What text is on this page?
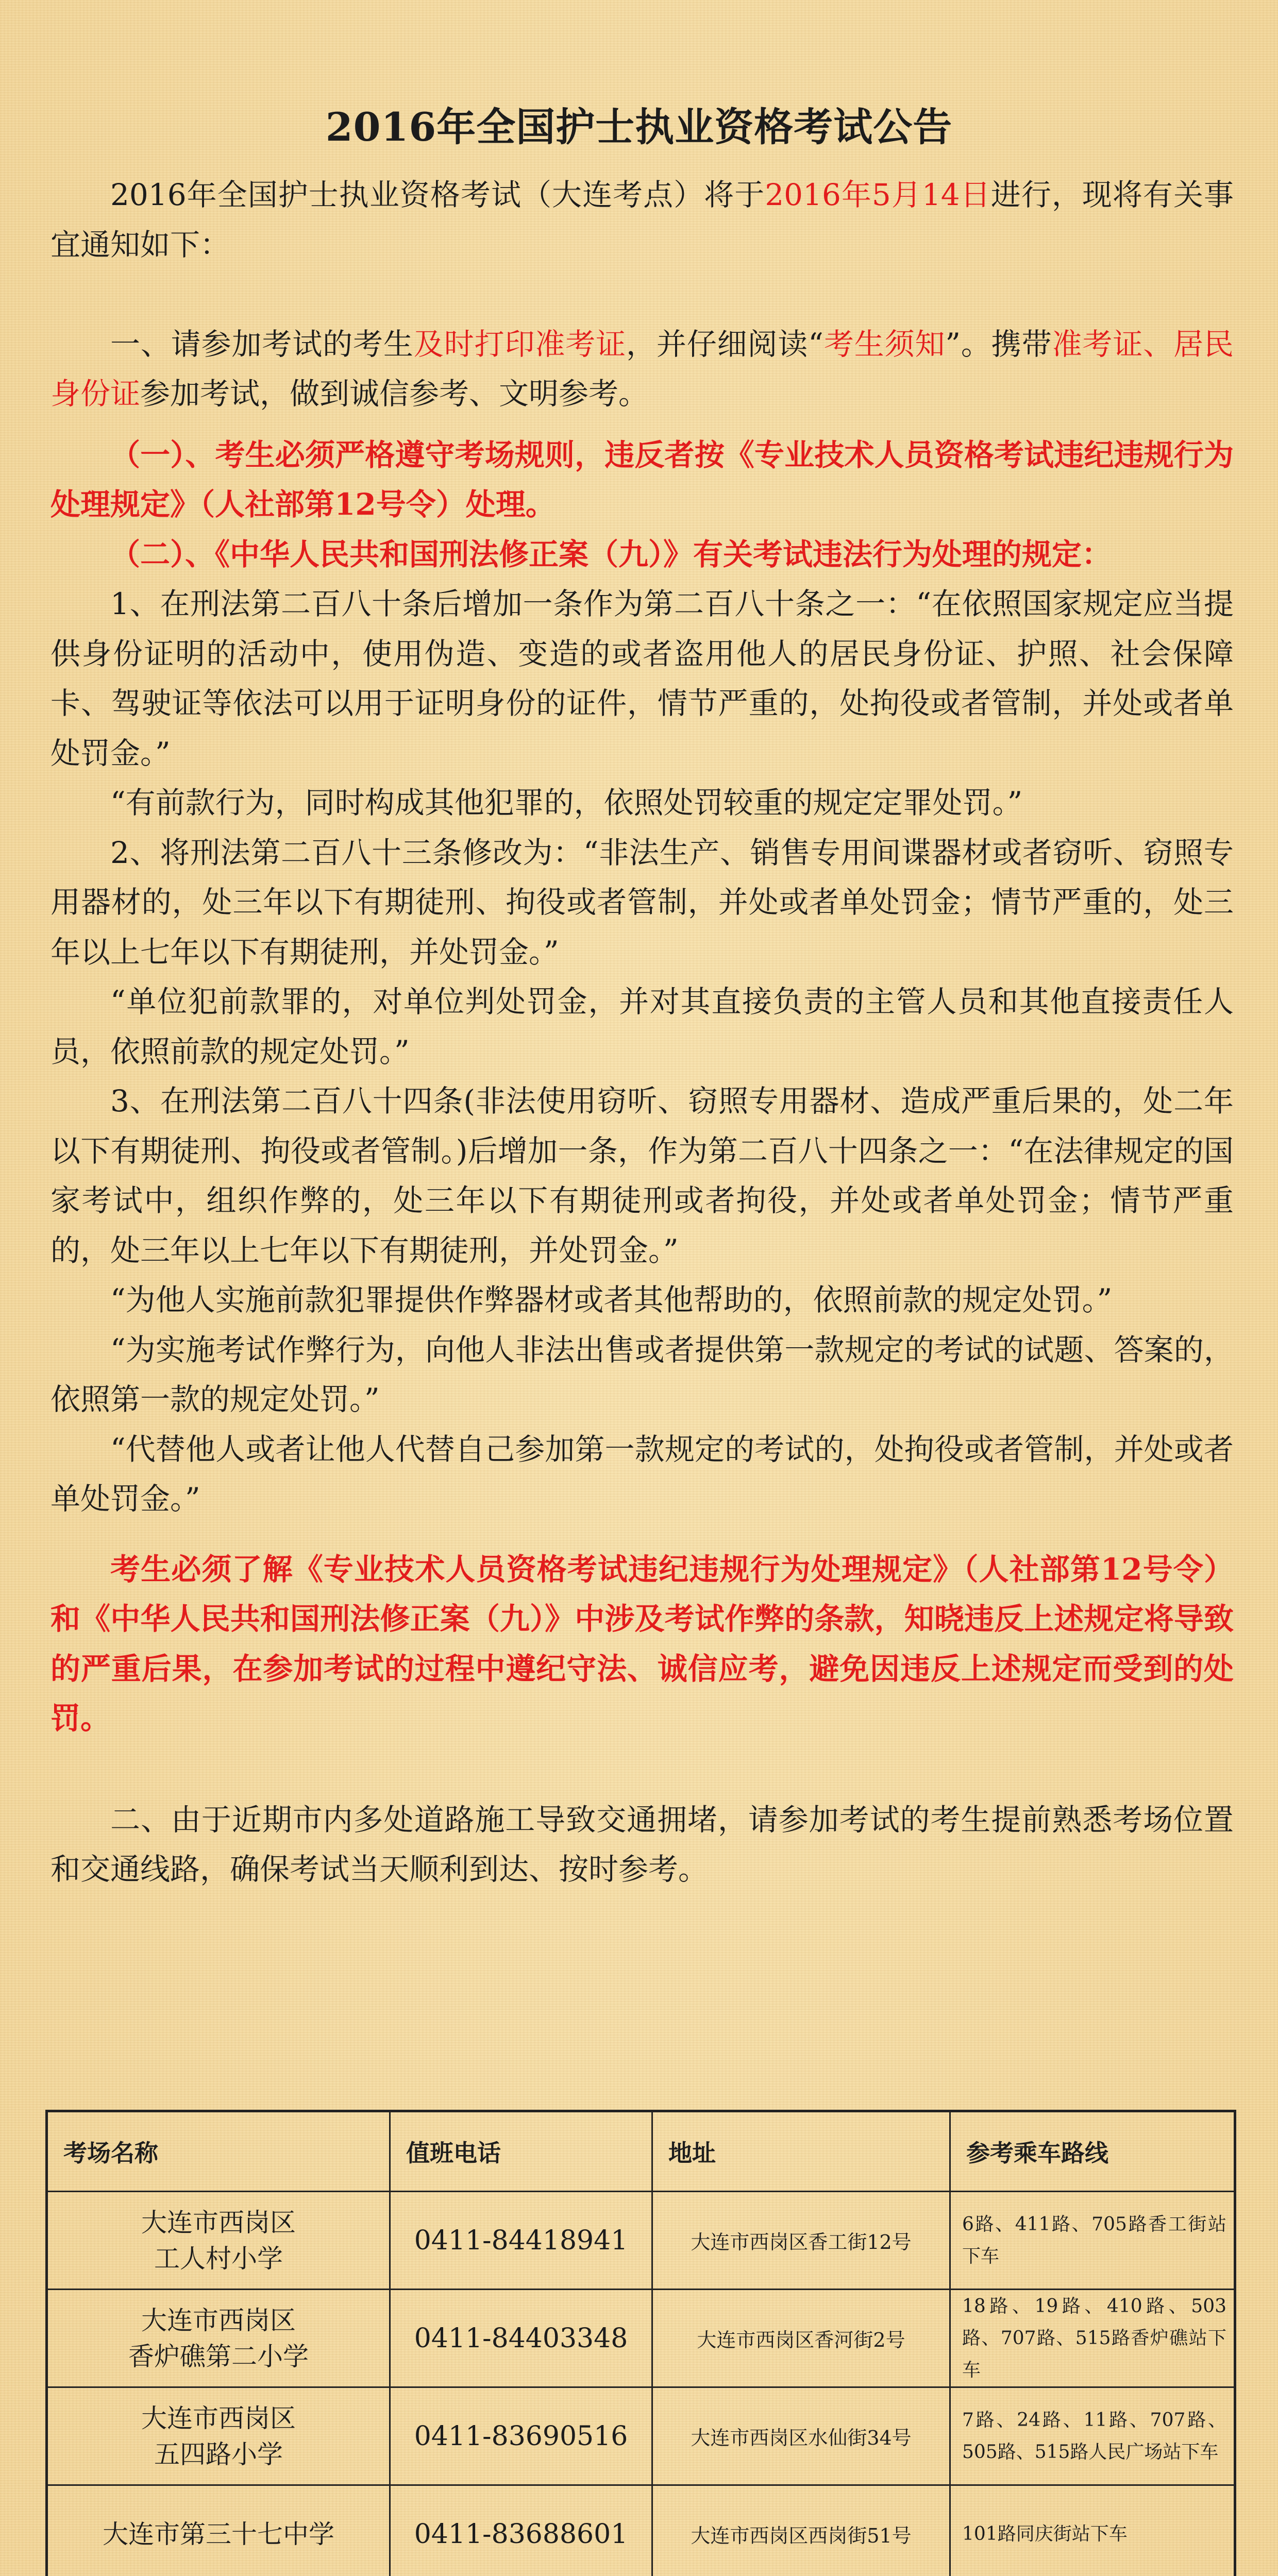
2016年全国护士执业资格考试公告

2016年全国护士执业资格考试（大连考点）将于2016年5月14日进行，现将有关事宜通知如下：

一、请参加考试的考生及时打印准考证，并仔细阅读“考生须知”。携带准考证、居民身份证参加考试，做到诚信参考、文明参考。

（一）、考生必须严格遵守考场规则，违反者按《专业技术人员资格考试违纪违规行为处理规定》（人社部第12号令）处理。

（二）、《中华人民共和国刑法修正案（九）》有关考试违法行为处理的规定：

1、在刑法第二百八十条后增加一条作为第二百八十条之一：“在依照国家规定应当提供身份证明的活动中，使用伪造、变造的或者盗用他人的居民身份证、护照、社会保障卡、驾驶证等依法可以用于证明身份的证件，情节严重的，处拘役或者管制，并处或者单处罚金。”

“有前款行为，同时构成其他犯罪的，依照处罚较重的规定定罪处罚。”

2、将刑法第二百八十三条修改为：“非法生产、销售专用间谍器材或者窃听、窃照专用器材的，处三年以下有期徒刑、拘役或者管制，并处或者单处罚金；情节严重的，处三年以上七年以下有期徒刑，并处罚金。”

“单位犯前款罪的，对单位判处罚金，并对其直接负责的主管人员和其他直接责任人员，依照前款的规定处罚。”

3、在刑法第二百八十四条(非法使用窃听、窃照专用器材、造成严重后果的，处二年以下有期徒刑、拘役或者管制。)后增加一条，作为第二百八十四条之一：“在法律规定的国家考试中，组织作弊的，处三年以下有期徒刑或者拘役，并处或者单处罚金；情节严重的，处三年以上七年以下有期徒刑，并处罚金。”

“为他人实施前款犯罪提供作弊器材或者其他帮助的，依照前款的规定处罚。”

“为实施考试作弊行为，向他人非法出售或者提供第一款规定的考试的试题、答案的，依照第一款的规定处罚。”

“代替他人或者让他人代替自己参加第一款规定的考试的，处拘役或者管制，并处或者单处罚金。”

考生必须了解《专业技术人员资格考试违纪违规行为处理规定》（人社部第12号令）和《中华人民共和国刑法修正案（九）》中涉及考试作弊的条款，知晓违反上述规定将导致的严重后果，在参加考试的过程中遵纪守法、诚信应考，避免因违反上述规定而受到的处罚。

二、由于近期市内多处道路施工导致交通拥堵，请参加考试的考生提前熟悉考场位置和交通线路，确保考试当天顺利到达、按时参考。

考场名称	值班电话	地址	参考乘车路线

大连市西岗区
工人村小学	0411-84418941	大连市西岗区香工街12号	6路、411路、705路香工街站下车

大连市西岗区
香炉礁第二小学	0411-84403348	大连市西岗区香河街2号	18路、19路、410路、503路、707路、515路香炉礁站下车

大连市西岗区
五四路小学	0411-83690516	大连市西岗区水仙街34号	7路、24路、11路、707路、505路、515路人民广场站下车

大连市第三十七中学	0411-83688601	大连市西岗区西岗街51号	101路同庆街站下车
